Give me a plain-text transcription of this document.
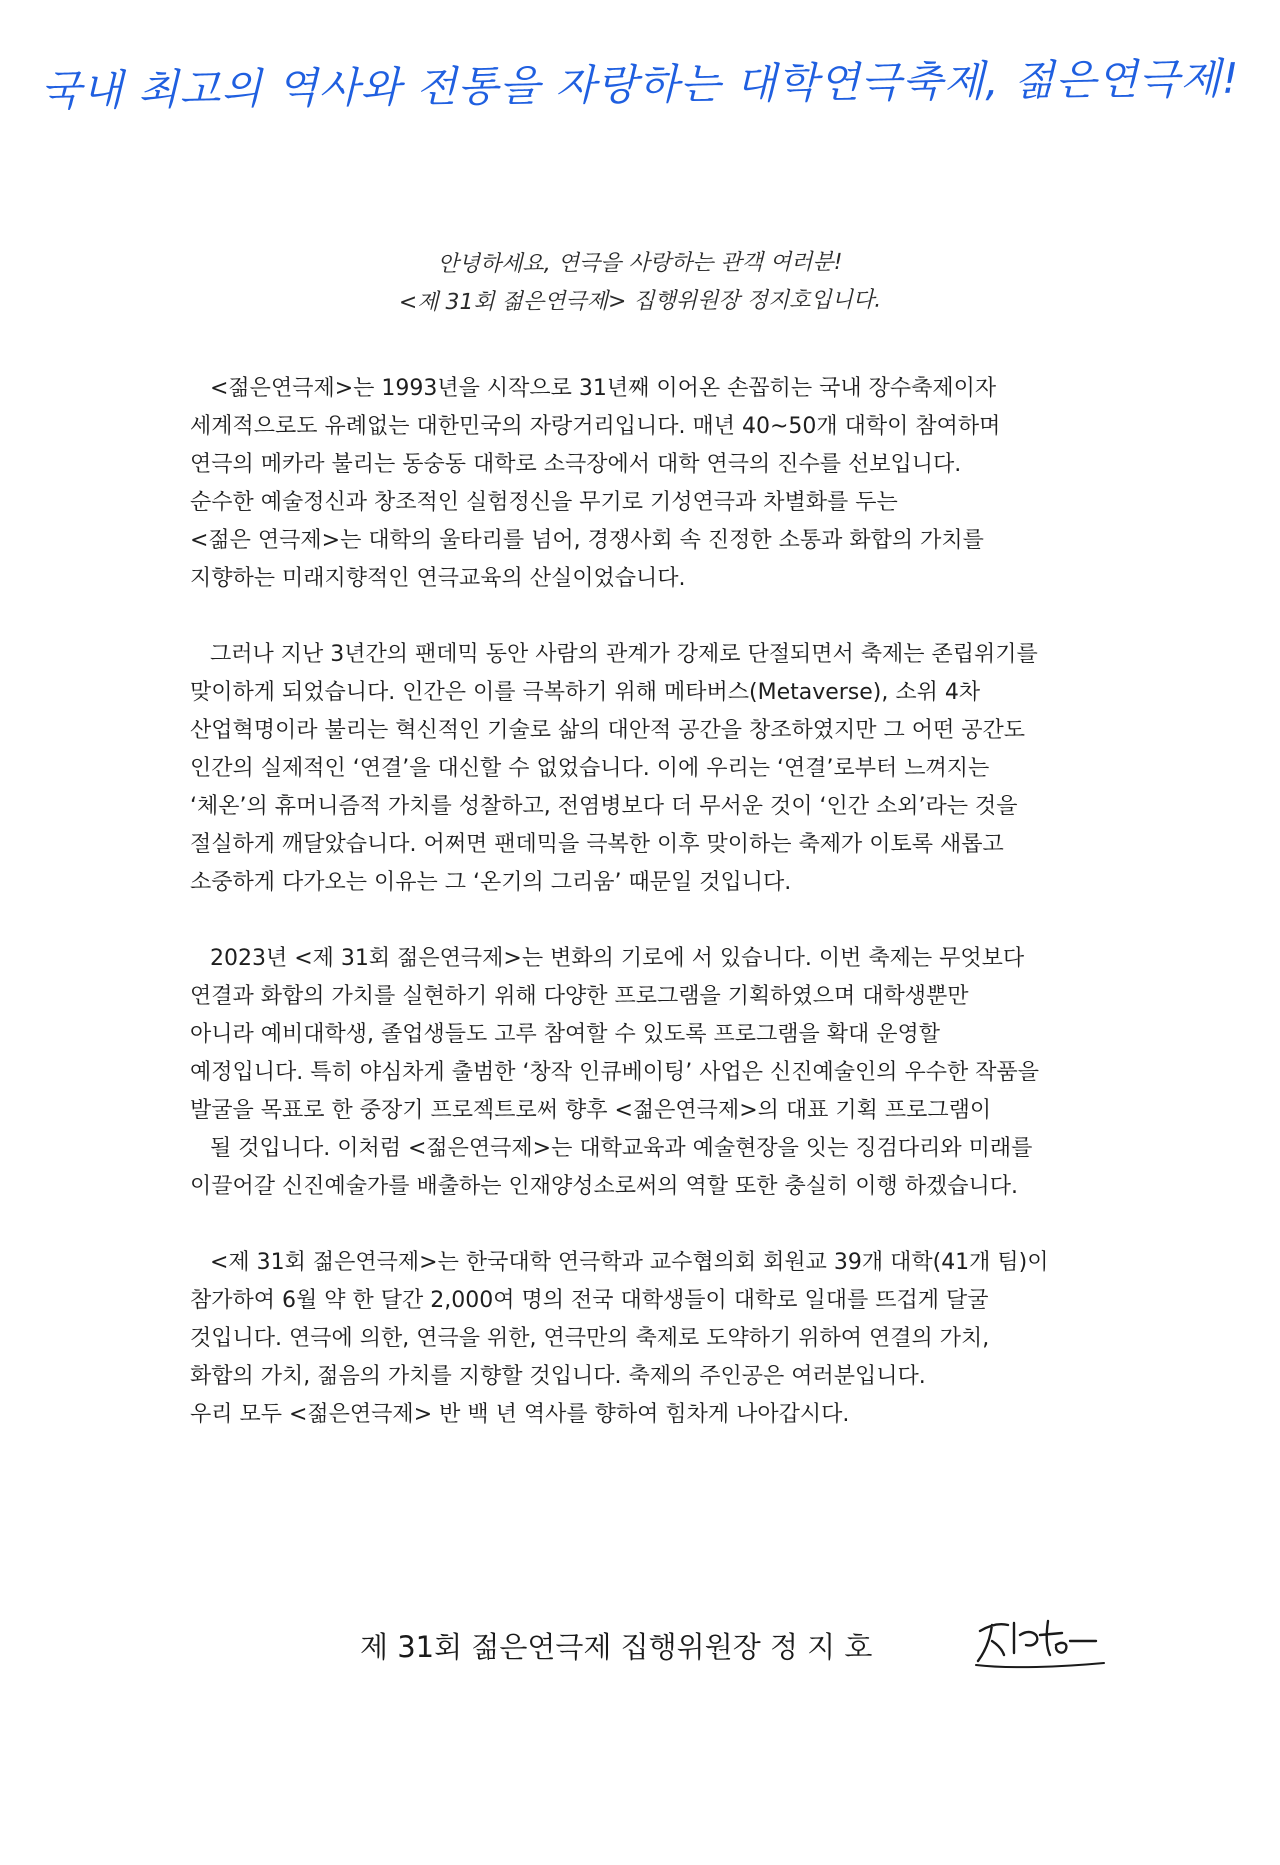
국내 최고의 역사와 전통을 자랑하는 대학연극축제, 젊은연극제!
안녕하세요, 연극을 사랑하는 관객 여러분!
<제 31회 젊은연극제> 집행위원장 정지호입니다.
<젊은연극제>는 1993년을 시작으로 31년째 이어온 손꼽히는 국내 장수축제이자
세계적으로도 유례없는 대한민국의 자랑거리입니다. 매년 40~50개 대학이 참여하며
연극의 메카라 불리는 동숭동 대학로 소극장에서 대학 연극의 진수를 선보입니다.
순수한 예술정신과 창조적인 실험정신을 무기로 기성연극과 차별화를 두는
<젊은 연극제>는 대학의 울타리를 넘어, 경쟁사회 속 진정한 소통과 화합의 가치를
지향하는 미래지향적인 연극교육의 산실이었습니다.
그러나 지난 3년간의 팬데믹 동안 사람의 관계가 강제로 단절되면서 축제는 존립위기를
맞이하게 되었습니다. 인간은 이를 극복하기 위해 메타버스(Metaverse), 소위 4차
산업혁명이라 불리는 혁신적인 기술로 삶의 대안적 공간을 창조하였지만 그 어떤 공간도
인간의 실제적인 ‘연결’을 대신할 수 없었습니다. 이에 우리는 ‘연결’로부터 느껴지는
‘체온’의 휴머니즘적 가치를 성찰하고, 전염병보다 더 무서운 것이 ‘인간 소외’라는 것을
절실하게 깨달았습니다. 어쩌면 팬데믹을 극복한 이후 맞이하는 축제가 이토록 새롭고
소중하게 다가오는 이유는 그 ‘온기의 그리움’ 때문일 것입니다.
2023년 <제 31회 젊은연극제>는 변화의 기로에 서 있습니다. 이번 축제는 무엇보다
연결과 화합의 가치를 실현하기 위해 다양한 프로그램을 기획하였으며 대학생뿐만
아니라 예비대학생, 졸업생들도 고루 참여할 수 있도록 프로그램을 확대 운영할
예정입니다. 특히 야심차게 출범한 ‘창작 인큐베이팅’ 사업은 신진예술인의 우수한 작품을
발굴을 목표로 한 중장기 프로젝트로써 향후 <젊은연극제>의 대표 기획 프로그램이
될 것입니다. 이처럼 <젊은연극제>는 대학교육과 예술현장을 잇는 징검다리와 미래를
이끌어갈 신진예술가를 배출하는 인재양성소로써의 역할 또한 충실히 이행 하겠습니다.
<제 31회 젊은연극제>는 한국대학 연극학과 교수협의회 회원교 39개 대학(41개 팀)이
참가하여 6월 약 한 달간 2,000여 명의 전국 대학생들이 대학로 일대를 뜨겁게 달굴
것입니다. 연극에 의한, 연극을 위한, 연극만의 축제로 도약하기 위하여 연결의 가치,
화합의 가치, 젊음의 가치를 지향할 것입니다. 축제의 주인공은 여러분입니다.
우리 모두 <젊은연극제> 반 백 년 역사를 향하여 힘차게 나아갑시다.
제 31회 젊은연극제 집행위원장 정 지 호
